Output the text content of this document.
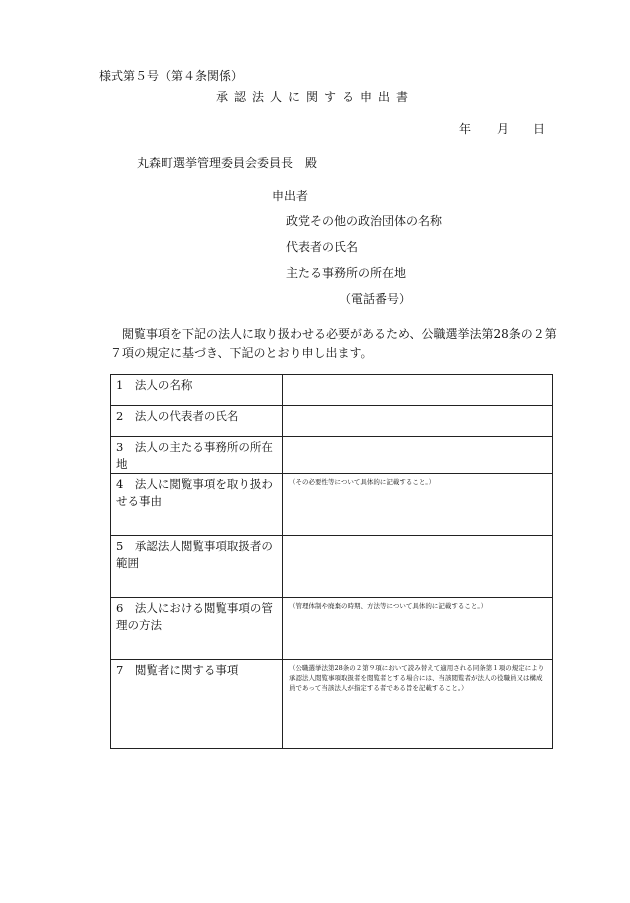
様式第５号（第４条関係）
承認法人に関する申出書
年 月 日
丸森町選挙管理委員会委員長　殿
申出者
政党その他の政治団体の名称
代表者の氏名
主たる事務所の所在地
（電話番号）
閲覧事項を下記の法人に取り扱わせる必要があるため、公職選挙法第28条の２第７項の規定に基づき、下記のとおり申し出ます。
1　法人の名称	

2　法人の代表者の氏名	

3　法人の主たる事務所の所在地	

4　法人に閲覧事項を取り扱わせる事由	（その必要性等について具体的に記載すること。）

5　承認法人閲覧事項取扱者の範囲	

6　法人における閲覧事項の管理の方法	（管理体制や廃棄の時期、方法等について具体的に記載すること。）

7　閲覧者に関する事項	（公職選挙法第28条の２第９項において読み替えて適用される同条第１項の規定により承認法人閲覧事項取扱者を閲覧者とする場合には、当該閲覧者が法人の役職員又は構成員であって当該法人が指定する者である旨を記載すること。）
